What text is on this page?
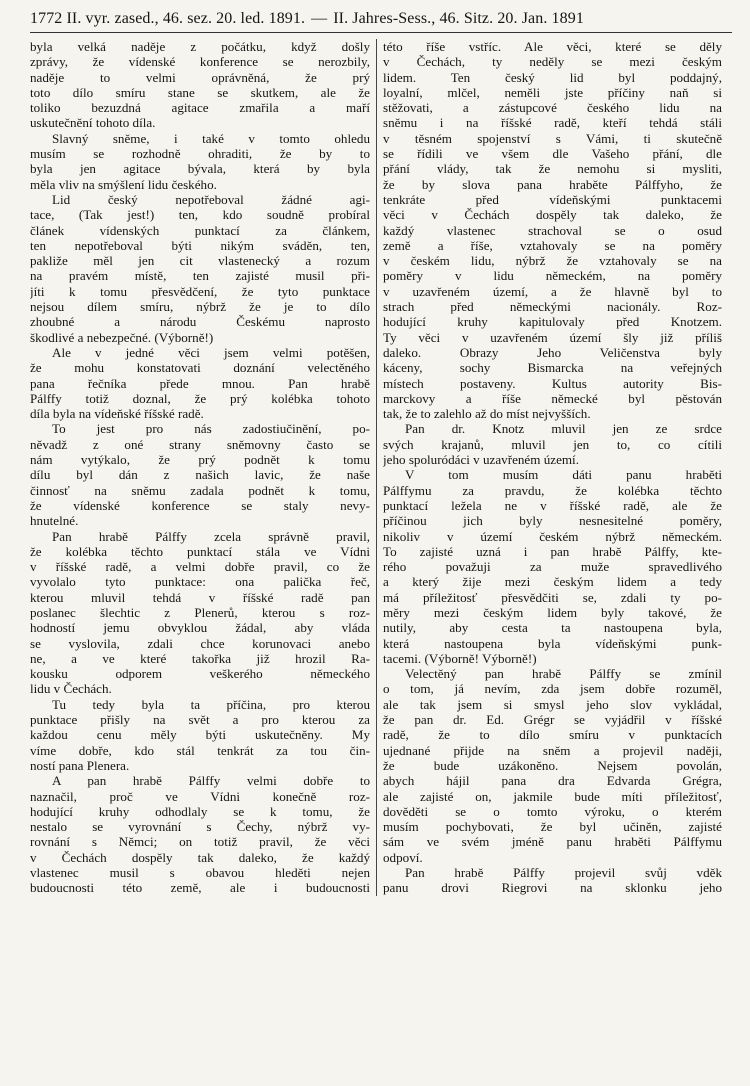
1772 II. vyr. zased., 46. sez. 20. led. 1891. — II. Jahres-Sess., 46. Sitz. 20. Jan. 1891
byla velká naděje z počátku, když došly
zprávy, že vídenské konference se nerozbily,
naděje to velmi oprávněná, že prý
toto dílo smíru stane se skutkem, ale že
toliko bezuzdná agitace zmařila a maří
uskutečnění tohoto díla.
Slavný sněme, i také v tomto ohledu
musím se rozhodně ohraditi, že by to
byla jen agitace bývala, která by byla
měla vliv na smýšlení lidu českého.
Lid český nepotřeboval žádné agi-
tace, (Tak jest!) ten, kdo soudně probíral
článek vídenských punktací za článkem,
ten nepotřeboval býti nikým sváděn, ten,
pakliže měl jen cit vlastenecký a rozum
na pravém místě, ten zajisté musil při-
jíti k tomu přesvědčení, že tyto punktace
nejsou dílem smíru, nýbrž že je to dílo
zhoubné a národu Českému naprosto
škodlivé a nebezpečné. (Výborně!)
Ale v jedné věci jsem velmi potěšen,
že mohu konstatovati doznání velectěného
pana řečníka přede mnou. Pan hrabě
Pálffy totiž doznal, že prý kolébka tohoto
díla byla na vídeňské říšské radě.
To jest pro nás zadostiučinění, po-
něvadž z oné strany sněmovny často se
nám vytýkalo, že prý podnět k tomu
dílu byl dán z našich lavic, že naše
činnosť na sněmu zadala podnět k tomu,
že vídenské konference se staly nevy-
hnutelné.
Pan hrabě Pálffy zcela správně pravil,
že kolébka těchto punktací stála ve Vídni
v říšské radě, a velmi dobře pravil, co že
vyvolalo tyto punktace: ona palička řeč,
kterou mluvil tehdá v říšské radě pan
poslanec šlechtic z Plenerů, kterou s roz-
hodností jemu obvyklou žádal, aby vláda
se vyslovila, zdali chce korunovaci anebo
ne, a ve které takořka již hrozil Ra-
kousku odporem veškerého německého
lidu v Čechách.
Tu tedy byla ta příčina, pro kterou
punktace přišly na svět a pro kterou za
každou cenu měly býti uskutečněny. My
víme dobře, kdo stál tenkrát za tou čin-
ností pana Plenera.
A pan hrabě Pálffy velmi dobře to
naznačil, proč ve Vídni konečně roz-
hodující kruhy odhodlaly se k tomu, že
nestalo se vyrovnání s Čechy, nýbrž vy-
rovnání s Němci; on totiž pravil, že věci
v Čechách dospěly tak daleko, že každý
vlastenec musil s obavou hleděti nejen
budoucnosti této země, ale i budoucnosti
této říše vstříc. Ale věci, které se děly
v Čechách, ty neděly se mezi českým
lidem. Ten český lid byl poddajný,
loyalní, mlčel, neměli jste příčiny naň si
stěžovati, a zástupcové českého lidu na
sněmu i na říšské radě, kteří tehdá stáli
v těsném spojenství s Vámi, ti skutečně
se řídili ve všem dle Vašeho přání, dle
přání vlády, tak že nemohu si mysliti,
že by slova pana hraběte Pálffyho, že
tenkráte před vídeňskými punktacemi
věci v Čechách dospěly tak daleko, že
každý vlastenec strachoval se o osud
země a říše, vztahovaly se na poměry
v českém lidu, nýbrž že vztahovaly se na
poměry v lidu německém, na poměry
v uzavřeném území, a že hlavně byl to
strach před německými nacionály. Roz-
hodující kruhy kapitulovaly před Knotzem.
Ty věci v uzavřeném území šly již příliš
daleko. Obrazy Jeho Veličenstva byly
káceny, sochy Bismarcka na veřejných
místech postaveny. Kultus autority Bis-
marckovy a říše německé byl pěstován
tak, že to zalehlo až do míst nejvyšších.
Pan dr. Knotz mluvil jen ze srdce
svých krajanů, mluvil jen to, co cítili
jeho spoluródáci v uzavřeném území.
V tom musím dáti panu hraběti
Pálffymu za pravdu, že kolébka těchto
punktací ležela ne v říšské radě, ale že
příčinou jich byly nesnesitelné poměry,
nikoliv v území českém nýbrž německém.
To zajisté uzná i pan hrabě Pálffy, kte-
rého považuji za muže spravedlivého
a který žije mezi českým lidem a tedy
má příležitosť přesvědčiti se, zdali ty po-
měry mezi českým lidem byly takové, že
nutily, aby cesta ta nastoupena byla,
která nastoupena byla vídeňskými punk-
tacemi. (Výborně! Výborně!)
Velectěný pan hrabě Pálffy se zmínil
o tom, já nevím, zda jsem dobře rozuměl,
ale tak jsem si smysl jeho slov vykládal,
že pan dr. Ed. Grégr se vyjádřil v říšské
radě, že to dílo smíru v punktacích
ujednané přijde na sněm a projevil naději,
že bude uzákoněno. Nejsem povolán,
abych hájil pana dra Edvarda Grégra,
ale zajisté on, jakmile bude míti příležitosť,
dověděti se o tomto výroku, o kterém
musím pochybovati, že byl učiněn, zajisté
sám ve svém jméně panu hraběti Pálffymu
odpoví.
Pan hrabě Pálffy projevil svůj vděk
panu drovi Riegrovi na sklonku jeho
